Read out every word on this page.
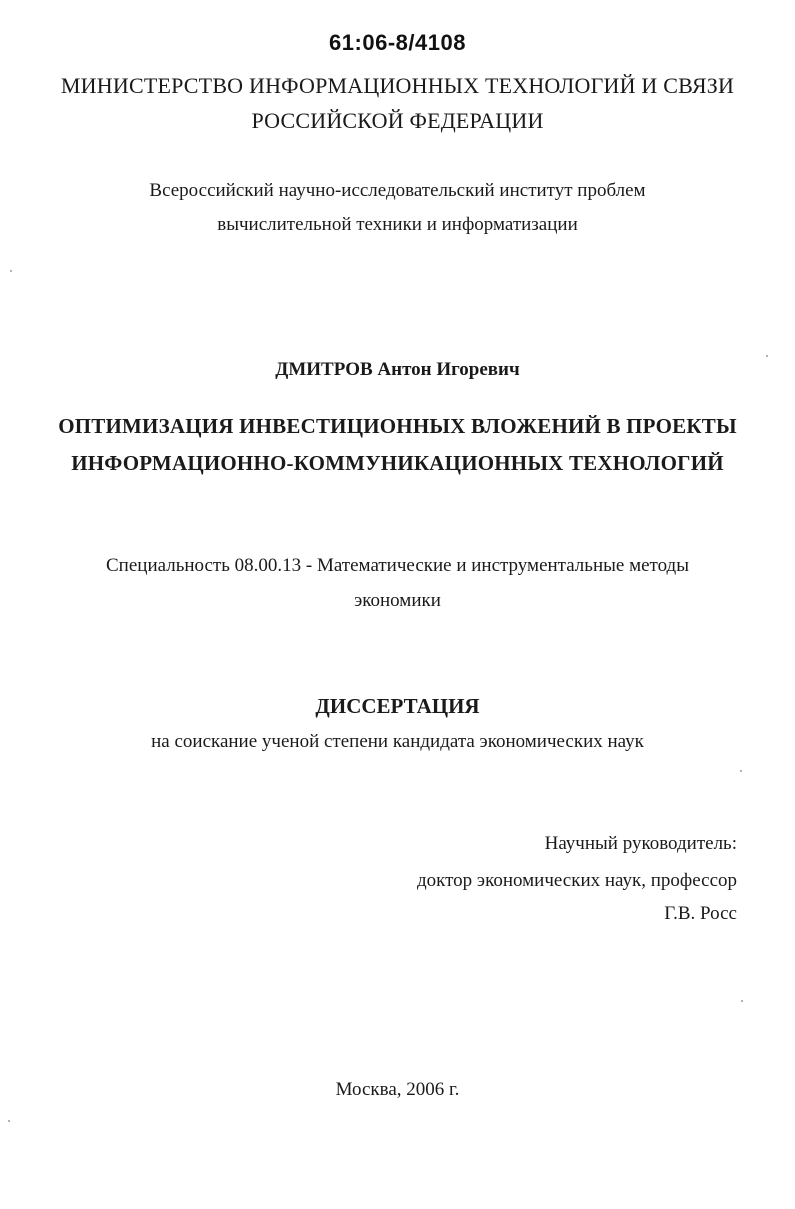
61:06-8/4108
МИНИСТЕРСТВО ИНФОРМАЦИОННЫХ ТЕХНОЛОГИЙ И СВЯЗИ
РОССИЙСКОЙ ФЕДЕРАЦИИ
Всероссийский научно-исследовательский институт проблем
вычислительной техники и информатизации
ДМИТРОВ Антон Игоревич
ОПТИМИЗАЦИЯ ИНВЕСТИЦИОННЫХ ВЛОЖЕНИЙ В ПРОЕКТЫ
ИНФОРМАЦИОННО-КОММУНИКАЦИОННЫХ ТЕХНОЛОГИЙ
Специальность 08.00.13 - Математические и инструментальные методы
экономики
ДИССЕРТАЦИЯ
на соискание ученой степени кандидата экономических наук
Научный руководитель:
доктор экономических наук, профессор
Г.В. Росс
Москва, 2006 г.
